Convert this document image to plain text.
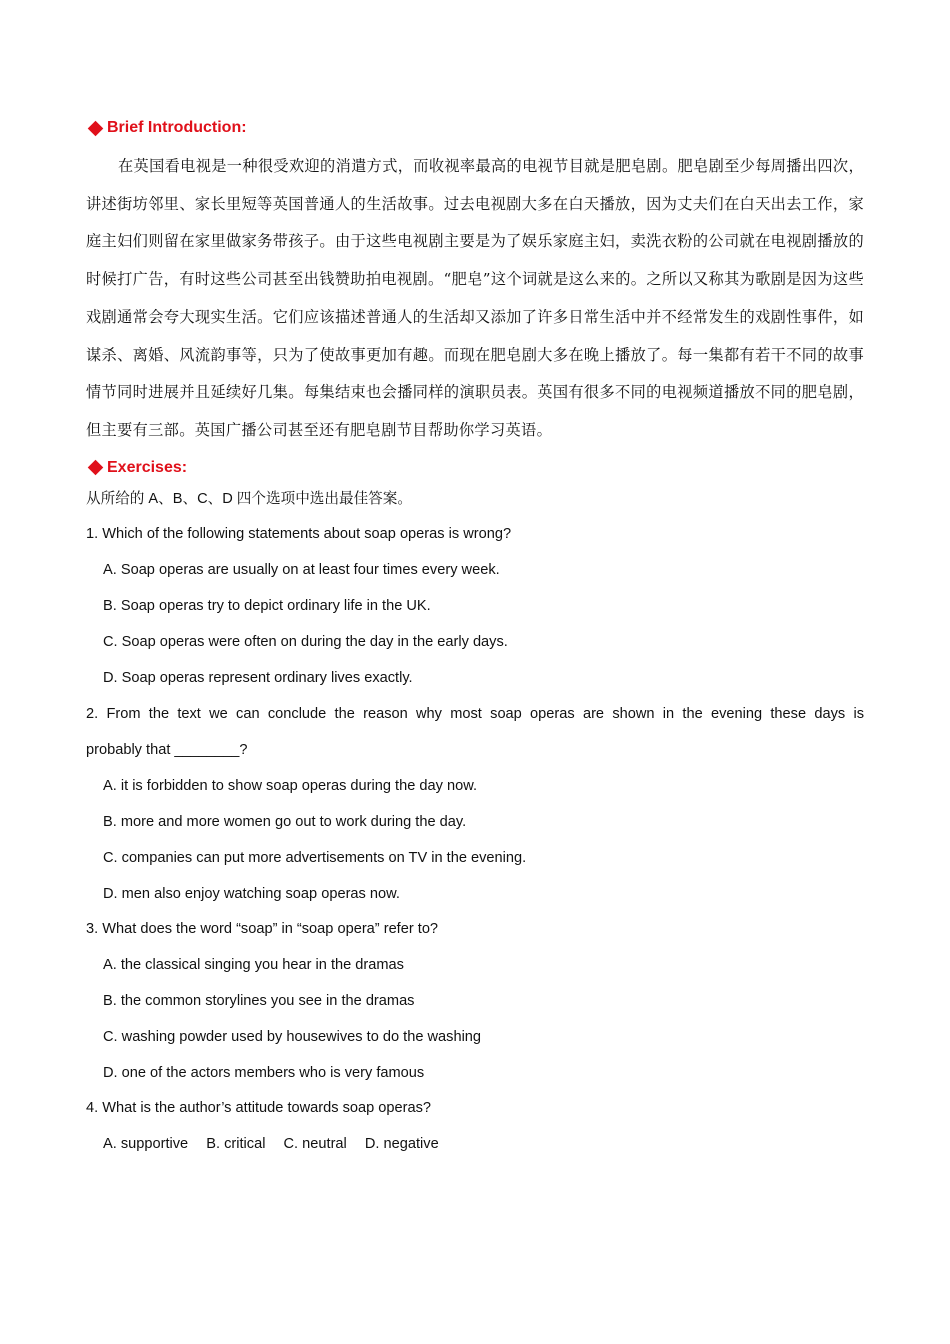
Brief Introduction:

在英国看电视是一种很受欢迎的消遣方式，而收视率最高的电视节目就是肥皂剧。肥皂剧至少每周播出四次，讲述街坊邻里、家长里短等英国普通人的生活故事。过去电视剧大多在白天播放，因为丈夫们在白天出去工作，家庭主妇们则留在家里做家务带孩子。由于这些电视剧主要是为了娱乐家庭主妇，卖洗衣粉的公司就在电视剧播放的时候打广告，有时这些公司甚至出钱赞助拍电视剧。“肥皂”这个词就是这么来的。之所以又称其为歌剧是因为这些戏剧通常会夸大现实生活。它们应该描述普通人的生活却又添加了许多日常生活中并不经常发生的戏剧性事件，如谋杀、离婚、风流韵事等，只为了使故事更加有趣。而现在肥皂剧大多在晚上播放了。每一集都有若干不同的故事情节同时进展并且延续好几集。每集结束也会播同样的演职员表。英国有很多不同的电视频道播放不同的肥皂剧，但主要有三部。英国广播公司甚至还有肥皂剧节目帮助你学习英语。

Exercises:
从所给的 A、B、C、D 四个选项中选出最佳答案。
1. Which of the following statements about soap operas is wrong?
A. Soap operas are usually on at least four times every week.
B. Soap operas try to depict ordinary life in the UK.
C. Soap operas were often on during the day in the early days.
D. Soap operas represent ordinary lives exactly.
2. From the text we can conclude the reason why most soap operas are shown in the evening these days is
probably that ________?
A. it is forbidden to show soap operas during the day now.
B. more and more women go out to work during the day.
C. companies can put more advertisements on TV in the evening.
D. men also enjoy watching soap operas now.
3. What does the word “soap” in “soap opera” refer to?
A. the classical singing you hear in the dramas
B. the common storylines you see in the dramas
C. washing powder used by housewives to do the washing
D. one of the actors members who is very famous
4. What is the author’s attitude towards soap operas?
A. supportive B. critical C. neutral D. negative
